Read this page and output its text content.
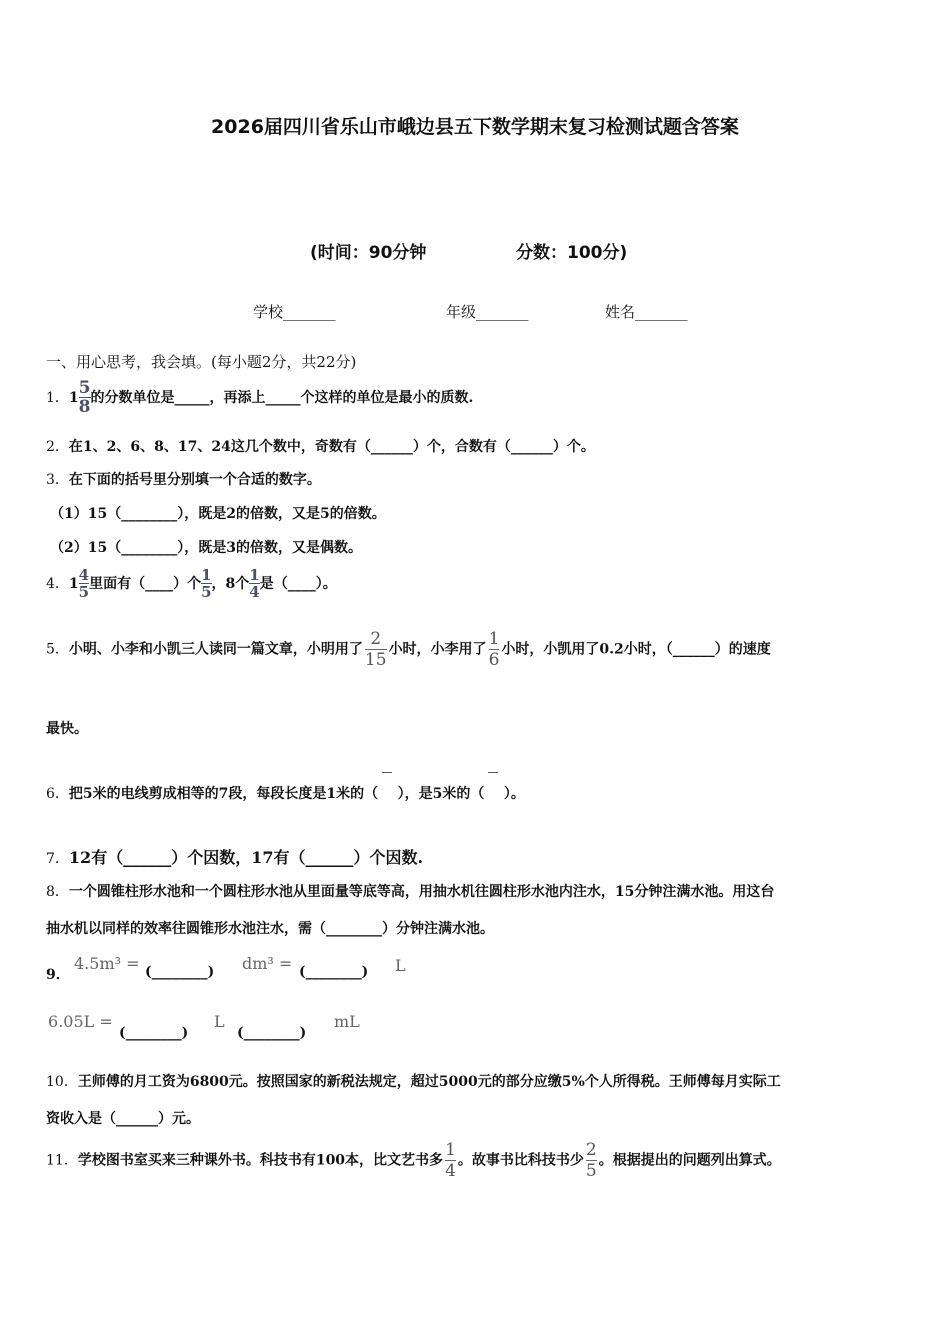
2026届四川省乐山市峨边县五下数学期末复习检测试题含答案
(时间：90分钟	分数：100分)
学校_______	年级_______	姓名_______
一、用心思考，我会填。(每小题2分，共22分)
1．$1 \frac{5}{8}$ 的分数单位是_____，再添上_____个这样的单位是最小的质数.
2．在1、2、6、8、17、24这几个数中，奇数有（______）个，合数有（______）个。
3．在下面的括号里分别填一个合适的数字。
（1）15（________），既是2的倍数，又是5的倍数。
（2）15（________），既是3的倍数，又是偶数。
4．$1 \frac{4}{5}$ 里面有（____）个 $\frac{1}{5}$ ，8个 $\frac{1}{4}$ 是（____）。
5．小明、小李和小凯三人读同一篇文章，小明用了 $\frac{2}{15}$ 小时，小李用了 $\frac{1}{6}$ 小时，小凯用了0.2小时，（______）的速度
最快。
6．把5米的电线剪成相等的7段，每段长度是1米的（ ），是5米的（ ）。
7．12有（______）个因数，17有（______）个因数.
8．一个圆锥柱形水池和一个圆柱形水池从里面量等底等高，用抽水机往圆柱形水池内注水，15分钟注满水池。用这台
抽水机以同样的效率往圆锥形水池注水，需（________）分钟注满水池。
9．
4.5m³ = (________) dm³ = (________) L
6.05L =
(________)
L
(________)
mL
10．王师傅的月工资为6800元。按照国家的新税法规定，超过5000元的部分应缴5%个人所得税。王师傅每月实际工
资收入是（______）元。
11．学校图书室买来三种课外书。科技书有100本，比文艺书多 $\frac{1}{4}$ 。故事书比科技书少 $\frac{2}{5}$ 。根据提出的问题列出算式。
